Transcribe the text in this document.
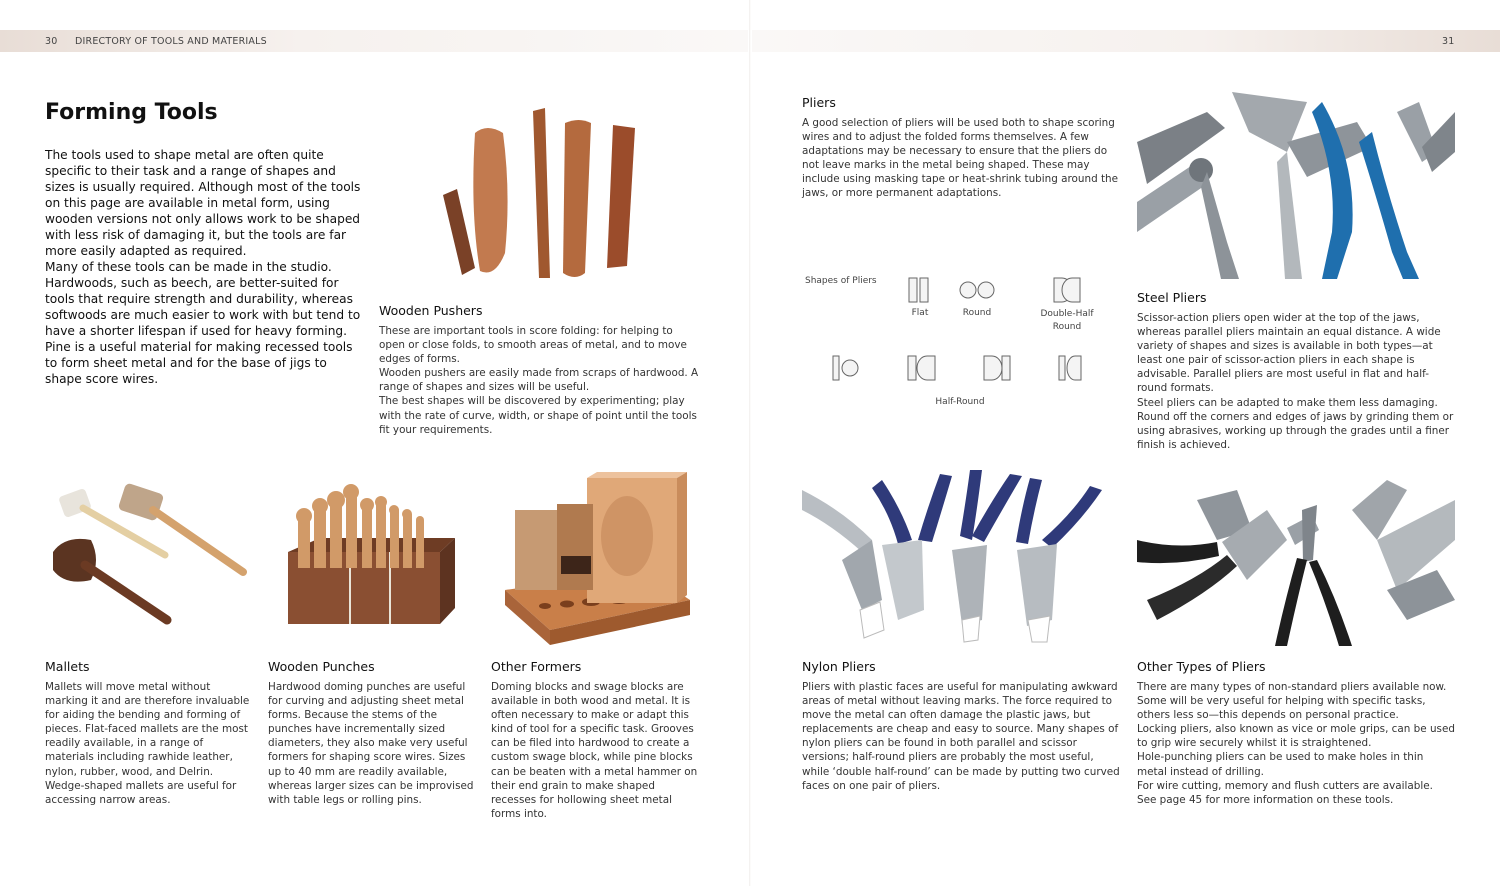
30 DIRECTORY OF TOOLS AND MATERIALS	31
Forming Tools

The tools used to shape metal are often quite specific to their task and a range of shapes and sizes is usually required. Although most of the tools on this page are available in metal form, using wooden versions not only allows work to be shaped with less risk of damaging it, but the tools are far more easily adapted as required.

Many of these tools can be made in the studio. Hardwoods, such as beech, are better-suited for tools that require strength and durability, whereas softwoods are much easier to work with but tend to have a shorter lifespan if used for heavy forming. Pine is a useful material for making recessed tools to form sheet metal and for the base of jigs to shape score wires.

Wooden Pushers

These are important tools in score folding: for helping to open or close folds, to smooth areas of metal, and to move edges of forms.

Wooden pushers are easily made from scraps of hardwood. A range of shapes and sizes will be useful.

The best shapes will be discovered by experimenting; play with the rate of curve, width, or shape of point until the tools fit your requirements.

Mallets

Mallets will move metal without marking it and are therefore invaluable for aiding the bending and forming of pieces. Flat-faced mallets are the most readily available, in a range of materials including rawhide leather, nylon, rubber, wood, and Delrin. Wedge-shaped mallets are useful for accessing narrow areas.

Wooden Punches

Hardwood doming punches are useful for curving and adjusting sheet metal forms. Because the stems of the punches have incrementally sized diameters, they also make very useful formers for shaping score wires. Sizes up to 40 mm are readily available, whereas larger sizes can be improvised with table legs or rolling pins.

Other Formers

Doming blocks and swage blocks are available in both wood and metal. It is often necessary to make or adapt this kind of tool for a specific task. Grooves can be filed into hardwood to create a custom swage block, while pine blocks can be beaten with a metal hammer on their end grain to make shaped recesses for hollowing sheet metal forms into.

Pliers

A good selection of pliers will be used both to shape scoring wires and to adjust the folded forms themselves. A few adaptations may be necessary to ensure that the pliers do not leave marks in the metal being shaped. These may include using masking tape or heat-shrink tubing around the jaws, or more permanent adaptations.

Shapes of Pliers
Flat	Round	Double-Half Round
Half-Round
Steel Pliers

Scissor-action pliers open wider at the top of the jaws, whereas parallel pliers maintain an equal distance. A wide variety of shapes and sizes is available in both types—at least one pair of scissor-action pliers in each shape is advisable. Parallel pliers are most useful in flat and half-round formats.

Steel pliers can be adapted to make them less damaging. Round off the corners and edges of jaws by grinding them or using abrasives, working up through the grades until a finer finish is achieved.

Nylon Pliers

Pliers with plastic faces are useful for manipulating awkward areas of metal without leaving marks. The force required to move the metal can often damage the plastic jaws, but replacements are cheap and easy to source. Many shapes of nylon pliers can be found in both parallel and scissor versions; half-round pliers are probably the most useful, while ‘double half-round’ can be made by putting two curved faces on one pair of pliers.

Other Types of Pliers

There are many types of non-standard pliers available now. Some will be very useful for helping with specific tasks, others less so—this depends on personal practice.

Locking pliers, also known as vice or mole grips, can be used to grip wire securely whilst it is straightened.

Hole-punching pliers can be used to make holes in thin metal instead of drilling.

For wire cutting, memory and flush cutters are available. See page 45 for more information on these tools.
